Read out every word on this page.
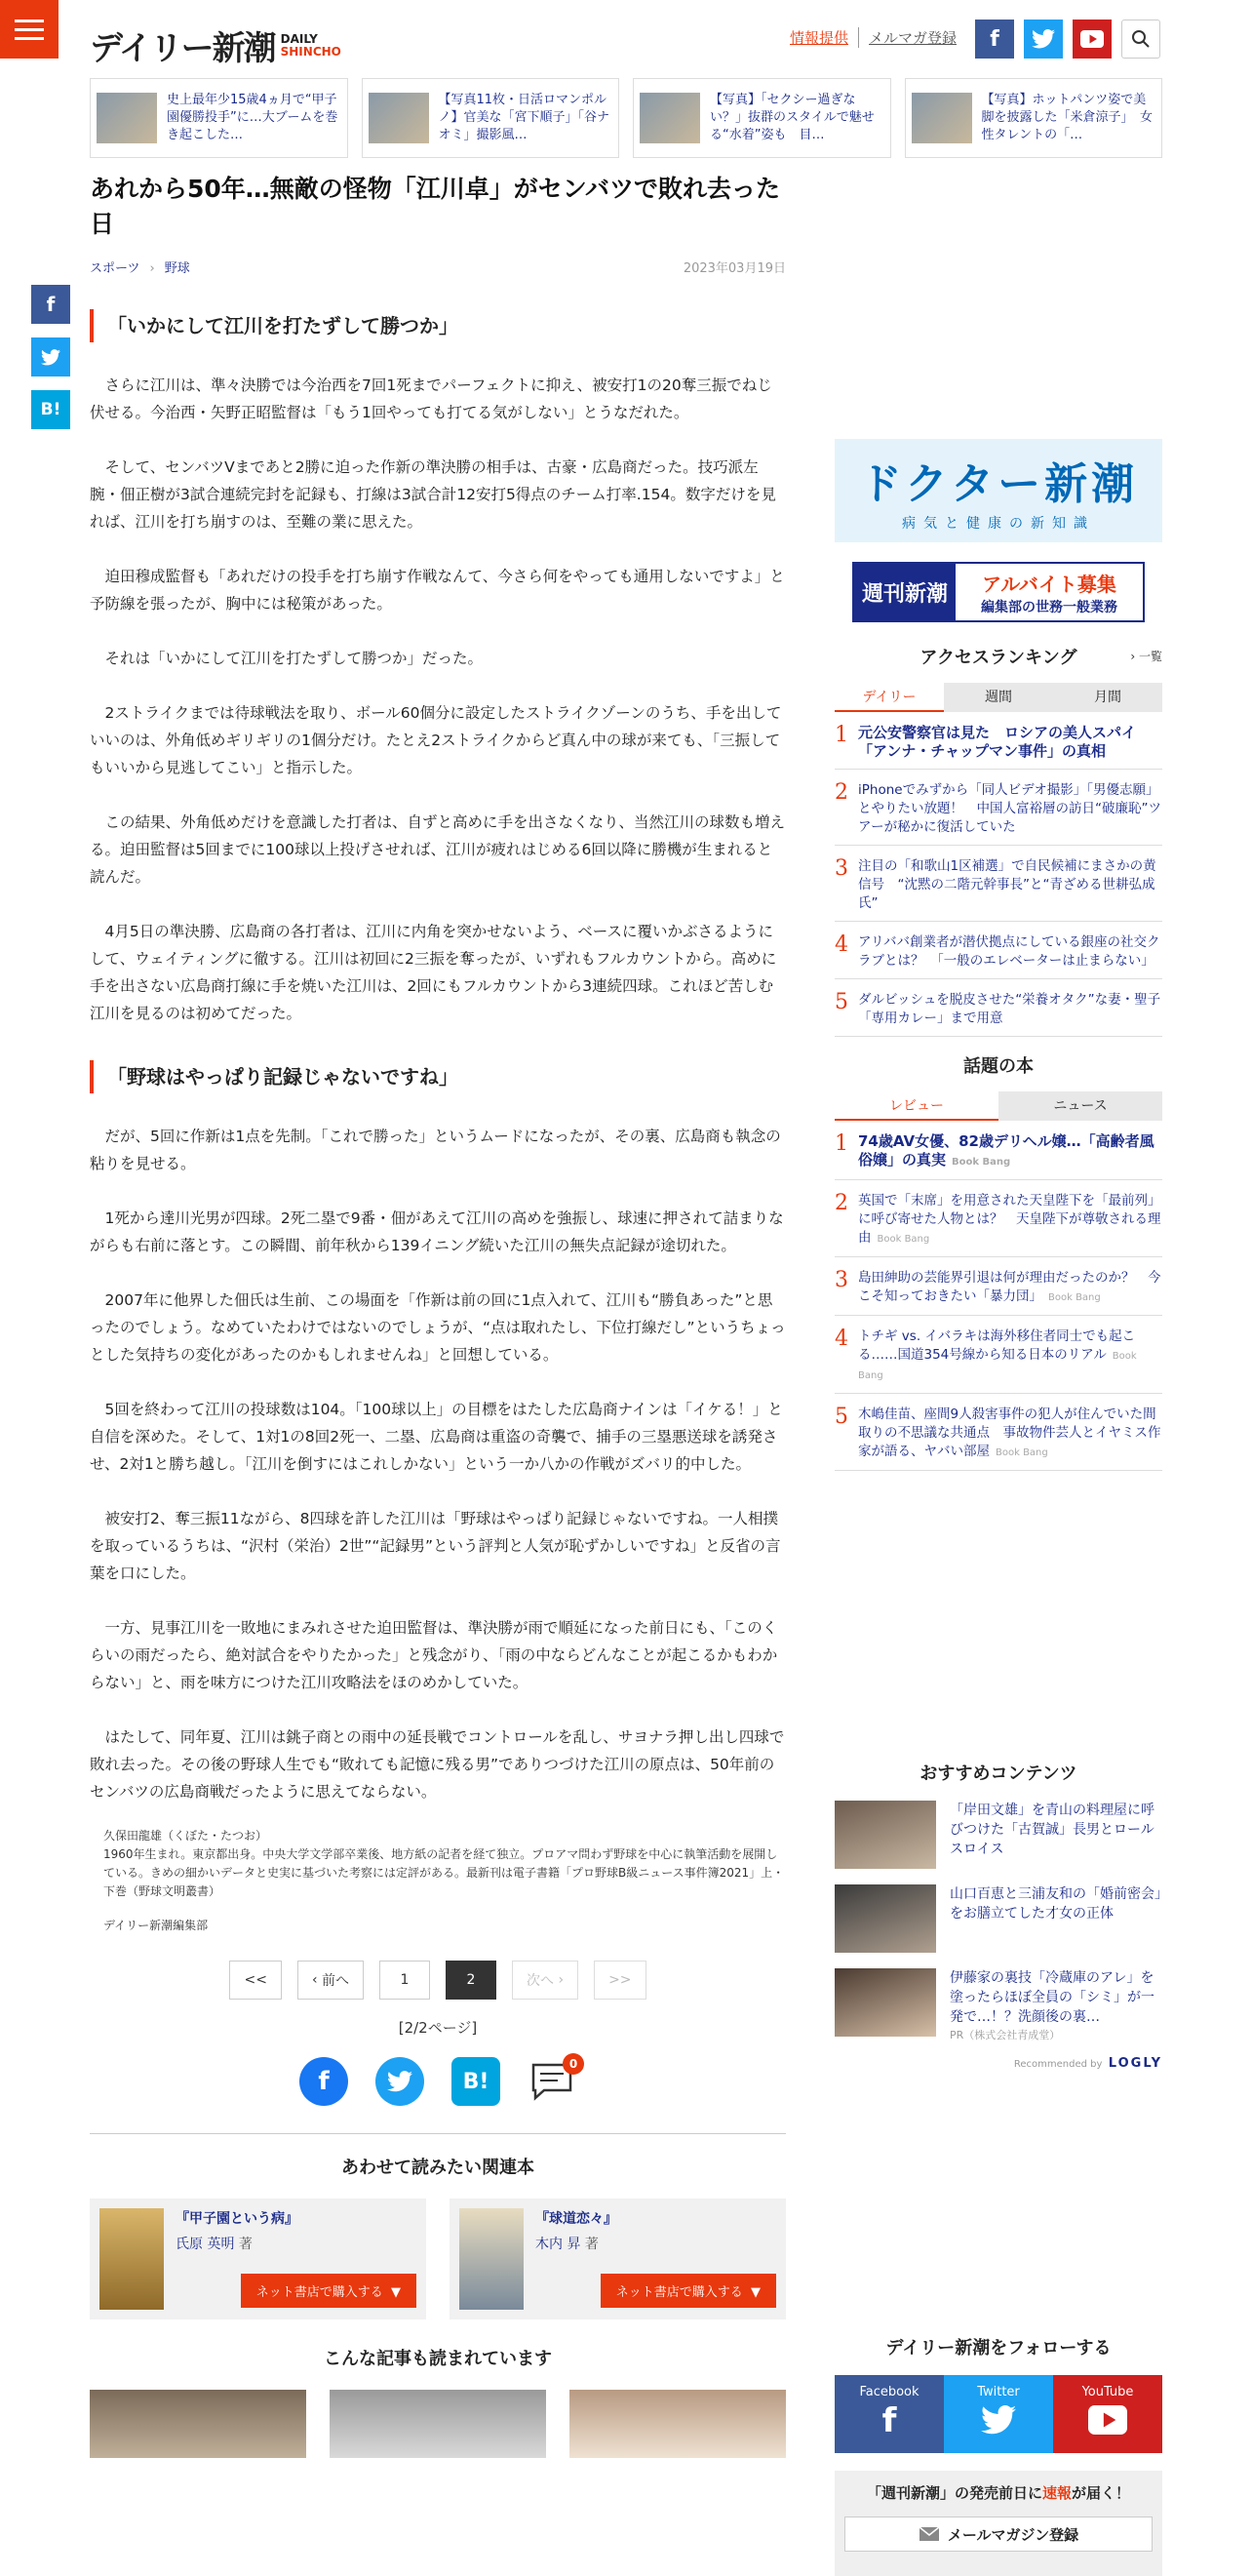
デイリー新潮 DAILY
SHINCHO
情報提供	メルマガ登録	f
史上最年少15歳4ヵ月で“甲子園優勝投手”に…大ブームを巻き起こした…
【写真11枚・日活ロマンポルノ】官美な「宮下順子」「谷ナオミ」撮影風…
【写真】「セクシー過ぎない？」抜群のスタイルで魅せる“水着”姿も　目…
【写真】ホットパンツ姿で美脚を披露した「米倉涼子」　女性タレントの「…
f
B!
あれから50年…無敵の怪物「江川卓」がセンバツで敗れ去った日
スポーツ › 野球	2023年03月19日
「いかにして江川を打たずして勝つか」

さらに江川は、準々決勝では今治西を7回1死までパーフェクトに抑え、被安打1の20奪三振でねじ伏せる。今治西・矢野正昭監督は「もう1回やっても打てる気がしない」とうなだれた。

そして、センバツVまであと2勝に迫った作新の準決勝の相手は、古豪・広島商だった。技巧派左腕・佃正樹が3試合連続完封を記録も、打線は3試合計12安打5得点のチーム打率.154。数字だけを見れば、江川を打ち崩すのは、至難の業に思えた。

迫田穆成監督も「あれだけの投手を打ち崩す作戦なんて、今さら何をやっても通用しないですよ」と予防線を張ったが、胸中には秘策があった。

それは「いかにして江川を打たずして勝つか」だった。

2ストライクまでは待球戦法を取り、ボール60個分に設定したストライクゾーンのうち、手を出していいのは、外角低めギリギリの1個分だけ。たとえ2ストライクからど真ん中の球が来ても、「三振してもいいから見逃してこい」と指示した。

この結果、外角低めだけを意識した打者は、自ずと高めに手を出さなくなり、当然江川の球数も増える。迫田監督は5回までに100球以上投げさせれば、江川が疲れはじめる6回以降に勝機が生まれると読んだ。

4月5日の準決勝、広島商の各打者は、江川に内角を突かせないよう、ベースに覆いかぶさるようにして、ウェイティングに徹する。江川は初回に2三振を奪ったが、いずれもフルカウントから。高めに手を出さない広島商打線に手を焼いた江川は、2回にもフルカウントから3連続四球。これほど苦しむ江川を見るのは初めてだった。

「野球はやっぱり記録じゃないですね」

だが、5回に作新は1点を先制。「これで勝った」というムードになったが、その裏、広島商も執念の粘りを見せる。

1死から達川光男が四球。2死二塁で9番・佃があえて江川の高めを強振し、球速に押されて詰まりながらも右前に落とす。この瞬間、前年秋から139イニング続いた江川の無失点記録が途切れた。

2007年に他界した佃氏は生前、この場面を「作新は前の回に1点入れて、江川も“勝負あった”と思ったのでしょう。なめていたわけではないのでしょうが、“点は取れたし、下位打線だし”というちょっとした気持ちの変化があったのかもしれませんね」と回想している。

5回を終わって江川の投球数は104。「100球以上」の目標をはたした広島商ナインは「イケる！」と自信を深めた。そして、1対1の8回2死一、二塁、広島商は重盗の奇襲で、捕手の三塁悪送球を誘発させ、2対1と勝ち越し。「江川を倒すにはこれしかない」という一か八かの作戦がズバリ的中した。

被安打2、奪三振11ながら、8四球を許した江川は「野球はやっぱり記録じゃないですね。一人相撲を取っているうちは、“沢村（栄治）2世”“記録男”という評判と人気が恥ずかしいですね」と反省の言葉を口にした。

一方、見事江川を一敗地にまみれさせた迫田監督は、準決勝が雨で順延になった前日にも、「このくらいの雨だったら、絶対試合をやりたかった」と残念がり、「雨の中ならどんなことが起こるかもわからない」と、雨を味方につけた江川攻略法をほのめかしていた。

はたして、同年夏、江川は銚子商との雨中の延長戦でコントロールを乱し、サヨナラ押し出し四球で敗れ去った。その後の野球人生でも“敗れても記憶に残る男”でありつづけた江川の原点は、50年前のセンバツの広島商戦だったように思えてならない。

久保田龍雄（くぼた・たつお）
1960年生まれ。東京都出身。中央大学文学部卒業後、地方紙の記者を経て独立。プロアマ問わず野球を中心に執筆活動を展開している。きめの細かいデータと史実に基づいた考察には定評がある。最新刊は電子書籍「プロ野球B級ニュース事件簿2021」上・下巻（野球文明叢書）
デイリー新潮編集部
<<	‹ 前へ	1	2	次へ ›	>>
[2/2ページ]
f	B!
0
あわせて読みたい関連本
『甲子園という病』
氏原 英明 著
ネット書店で購入する  ▼
『球道恋々』
木内 昇 著
ネット書店で購入する  ▼
こんな記事も読まれています
ドクター新潮
病気と健康の新知識
週刊新潮	アルバイト募集
編集部の世務一般業務
アクセスランキング	› 一覧
デイリー	週間	月間
1 元公安警察官は見た　ロシアの美人スパイ「アンナ・チャップマン事件」の真相
2 iPhoneでみずから「同人ビデオ撮影」「男優志願」とやりたい放題！　中国人富裕層の訪日“破廉恥”ツアーが秘かに復活していた
3 注目の「和歌山1区補選」で自民候補にまさかの黄信号　“沈黙の二階元幹事長”と“青ざめる世耕弘成氏”
4 アリババ創業者が潜伏拠点にしている銀座の社交クラブとは？　「一般のエレベーターは止まらない」
5 ダルビッシュを脱皮させた“栄養オタク”な妻・聖子　「専用カレー」まで用意
話題の本
レビュー	ニュース
1 74歳AV女優、82歳デリヘル嬢…「高齢者風俗嬢」の真実 Book Bang
2 英国で「末席」を用意された天皇陛下を「最前列」に呼び寄せた人物とは？　天皇陛下が尊敬される理由 Book Bang
3 島田紳助の芸能界引退は何が理由だったのか？　今こそ知っておきたい「暴力団」 Book Bang
4 トチギ vs. イバラキは海外移住者同士でも起こる……国道354号線から知る日本のリアル Book Bang
5 木嶋佳苗、座間9人殺害事件の犯人が住んでいた間取りの不思議な共通点　事故物件芸人とイヤミス作家が語る、ヤバい部屋 Book Bang
おすすめコンテンツ
「岸田文雄」を青山の料理屋に呼びつけた「古賀誠」長男とロールスロイス
山口百恵と三浦友和の「婚前密会」をお膳立てした才女の正体
伊藤家の裏技「冷蔵庫のアレ」を塗ったらほぼ全員の「シミ」が一発で…！？洗顔後の裏…
PR（株式会社青成堂）
Recommended by LOGLY
デイリー新潮をフォローする
Facebook
f
Twitter	YouTube
「週刊新潮」の発売前日に速報が届く！
メールマガジン登録
